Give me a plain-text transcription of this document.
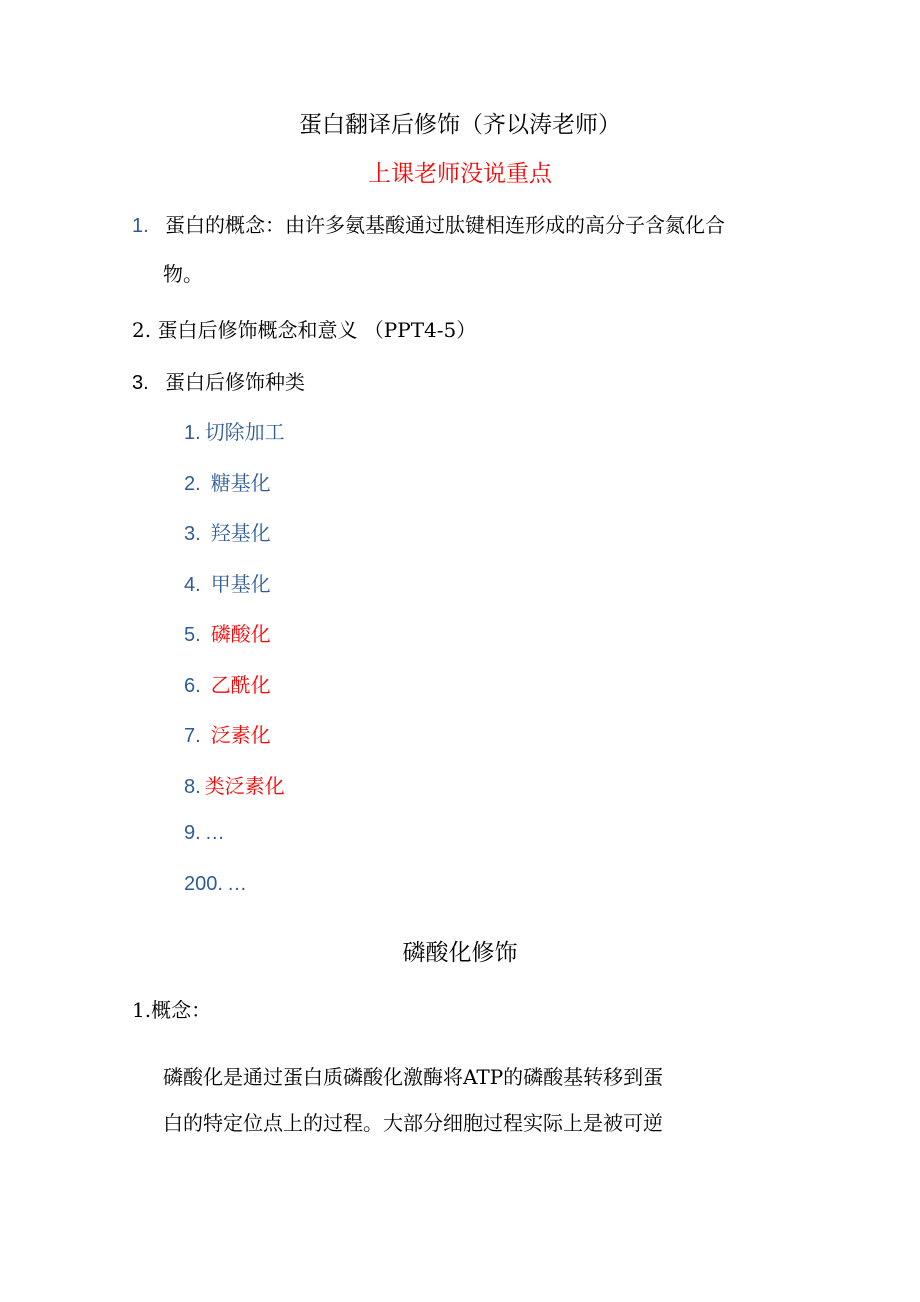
蛋白翻译后修饰（齐以涛老师）
上课老师没说重点
1. 蛋白的概念：由许多氨基酸通过肽键相连形成的高分子含氮化合
物。
2. 蛋白后修饰概念和意义 （PPT4-5）
3. 蛋白后修饰种类
1. 切除加工
2. 糖基化
3. 羟基化
4. 甲基化
5. 磷酸化
6. 乙酰化
7. 泛素化
8. 类泛素化
9. …
200. …
磷酸化修饰
1.概念：
磷酸化是通过蛋白质磷酸化激酶将ATP的磷酸基转移到蛋
白的特定位点上的过程。大部分细胞过程实际上是被可逆
